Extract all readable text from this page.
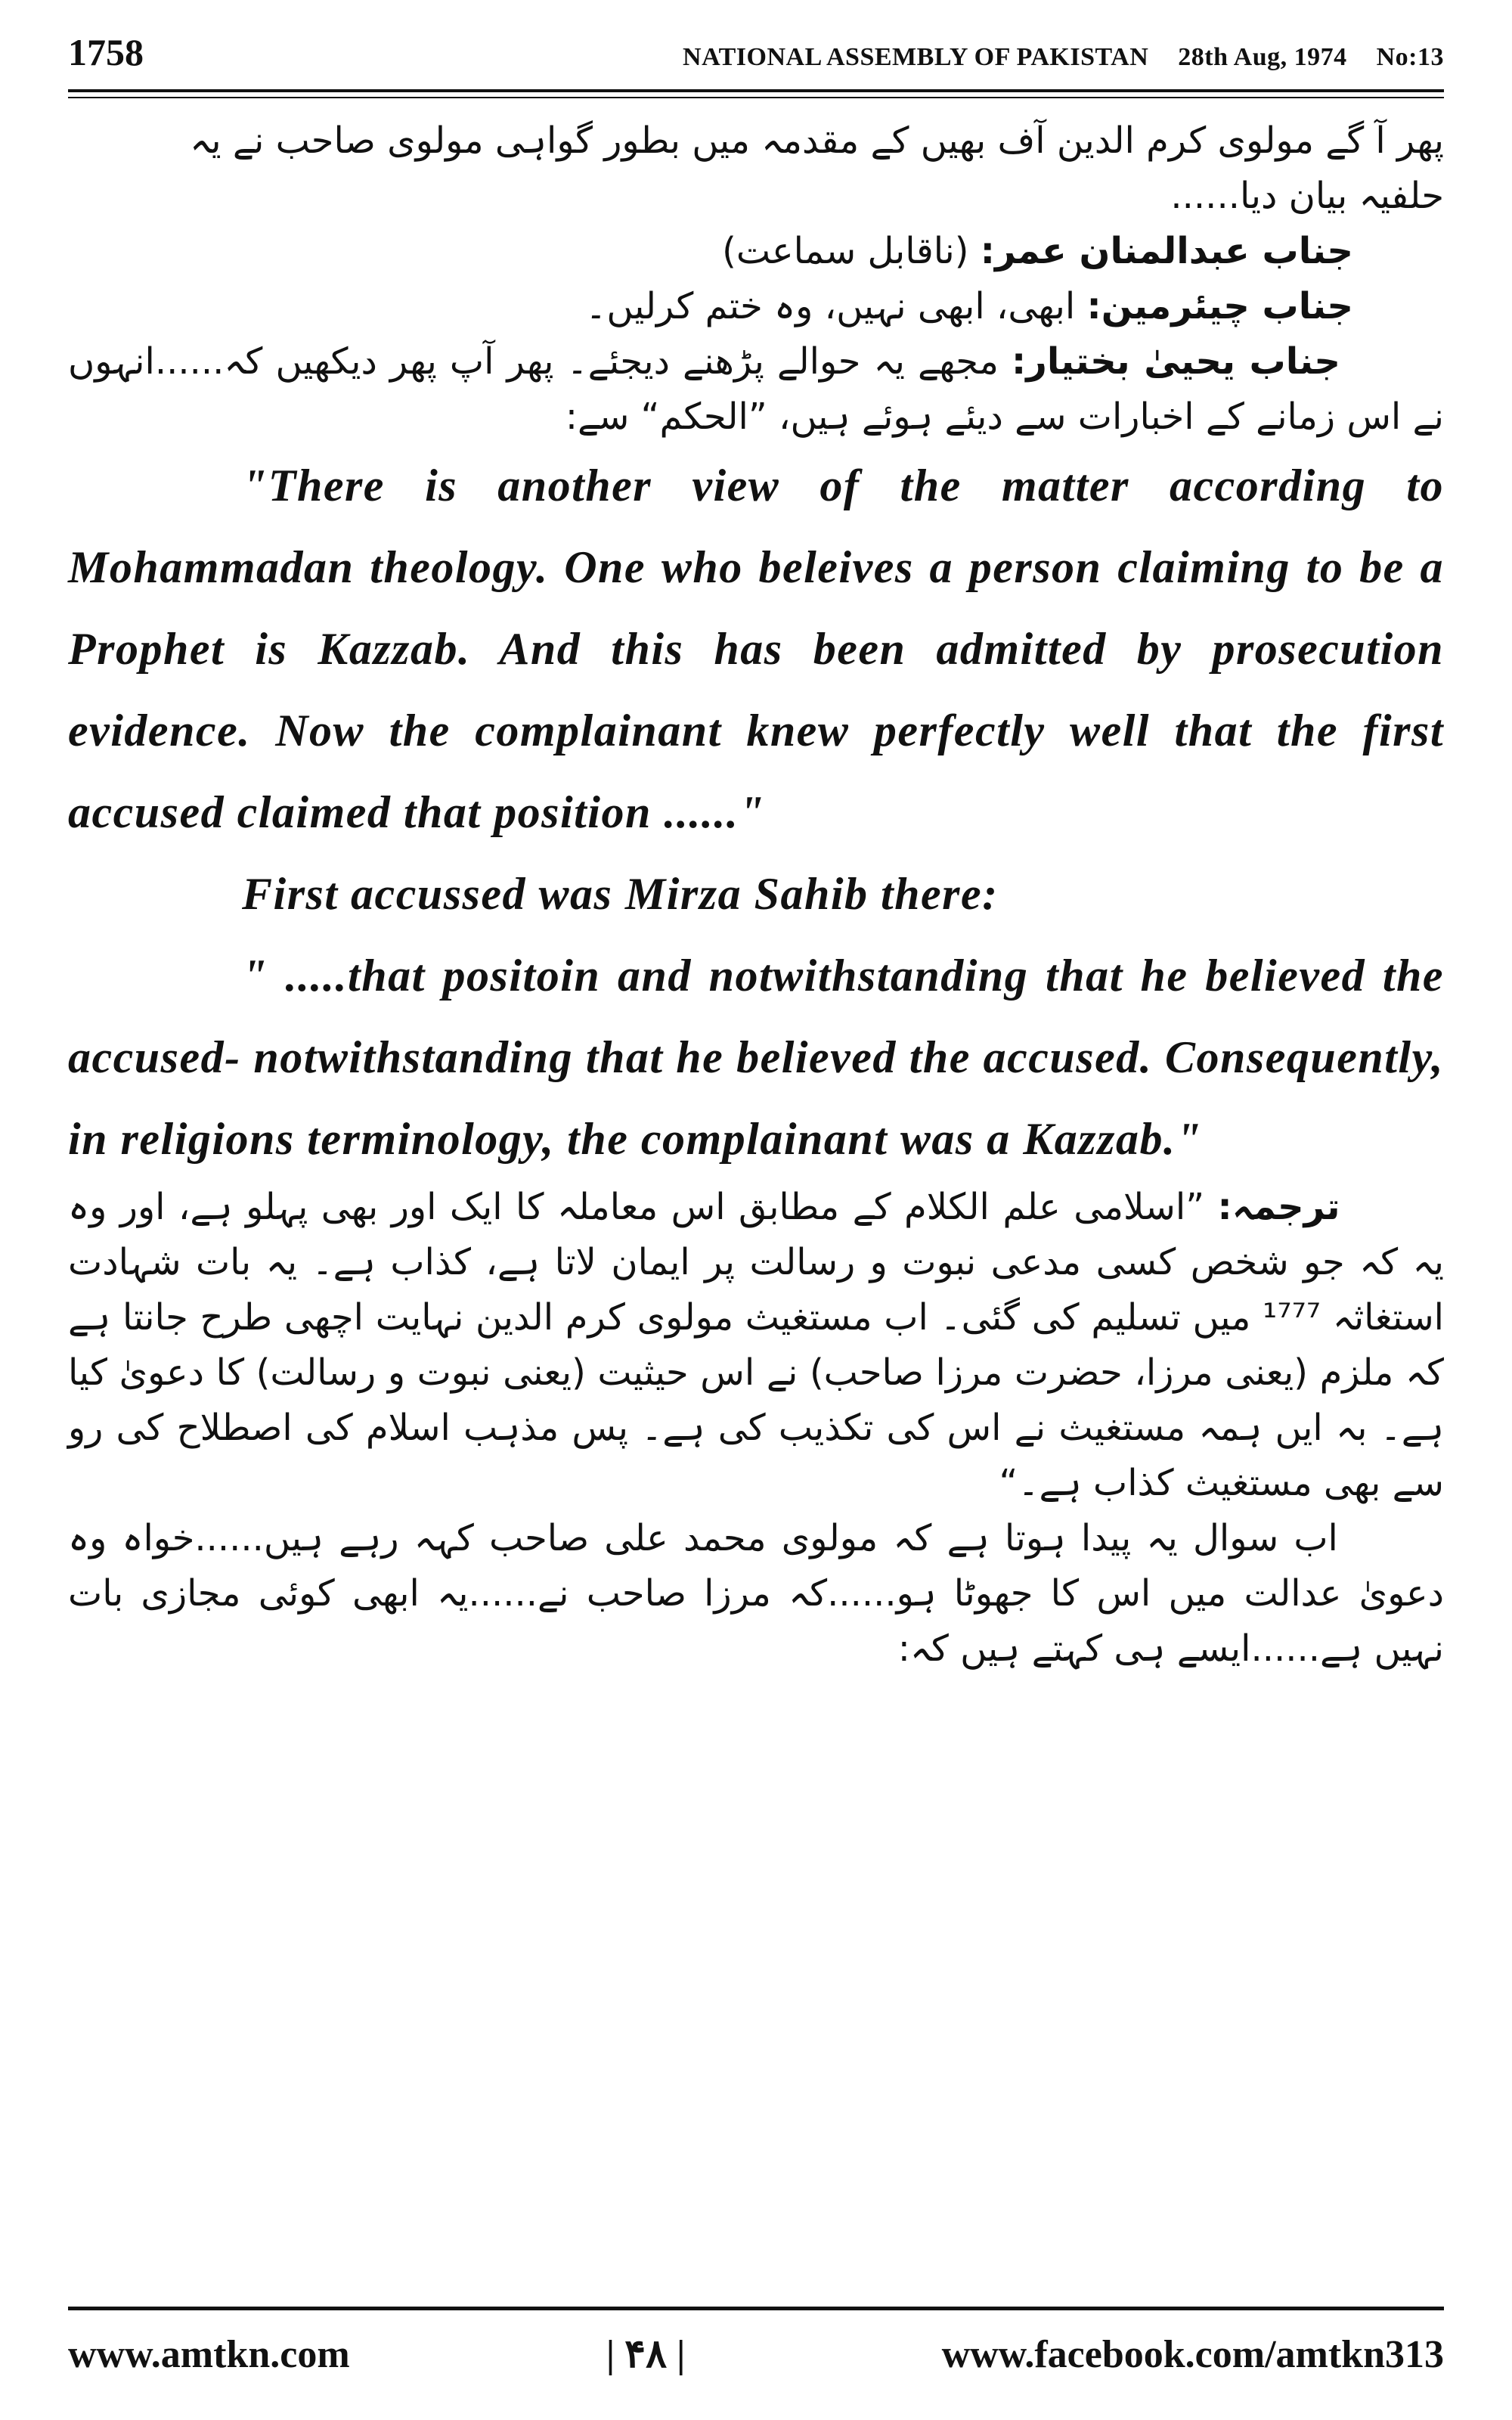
1758	NATIONAL ASSEMBLY OF PAKISTAN 28th Aug, 1974 No:13

پھر آ گے مولوی کرم الدین آف بھیں کے مقدمہ میں بطور گواہی مولوی صاحب نے یہ

حلفیہ بیان دیا......

جناب عبدالمنان عمر: (ناقابل سماعت)

جناب چیئرمین: ابھی، ابھی نہیں، وہ ختم کرلیں۔

جناب یحییٰ بختیار: مجھے یہ حوالے پڑھنے دیجئے۔ پھر آپ پھر دیکھیں کہ......انہوں نے اس زمانے کے اخبارات سے دیئے ہوئے ہیں، ”الحکم“ سے:

"There is another view of the matter according to Mohammadan theology. One who beleives a person claiming to be a Prophet is Kazzab. And this has been admitted by prosecution evidence. Now the complainant knew perfectly well that the first accused claimed that position ......"

First accussed was Mirza Sahib there:

" .....that positoin and notwithstanding that he believed the accused- notwithstanding that he believed the accused. Consequently, in religions terminology, the complainant was a Kazzab."

ترجمہ: ”اسلامی علم الکلام کے مطابق اس معاملہ کا ایک اور بھی پہلو ہے، اور وہ یہ کہ جو شخص کسی مدعی نبوت و رسالت پر ایمان لاتا ہے، کذاب ہے۔ یہ بات شہادت استغاثہ ¹⁷⁷⁷ میں تسلیم کی گئی۔ اب مستغیث مولوی کرم الدین نہایت اچھی طرح جانتا ہے کہ ملزم (یعنی مرزا، حضرت مرزا صاحب) نے اس حیثیت (یعنی نبوت و رسالت) کا دعویٰ کیا ہے۔ بہ ایں ہمہ مستغیث نے اس کی تکذیب کی ہے۔ پس مذہب اسلام کی اصطلاح کی رو سے بھی مستغیث کذاب ہے۔“

اب سوال یہ پیدا ہوتا ہے کہ مولوی محمد علی صاحب کہہ رہے ہیں......خواہ وہ دعویٰ عدالت میں اس کا جھوٹا ہو......کہ مرزا صاحب نے......یہ ابھی کوئی مجازی بات نہیں ہے......ایسے ہی کہتے ہیں کہ:

www.amtkn.com	| ۴۸ |	www.facebook.com/amtkn313
